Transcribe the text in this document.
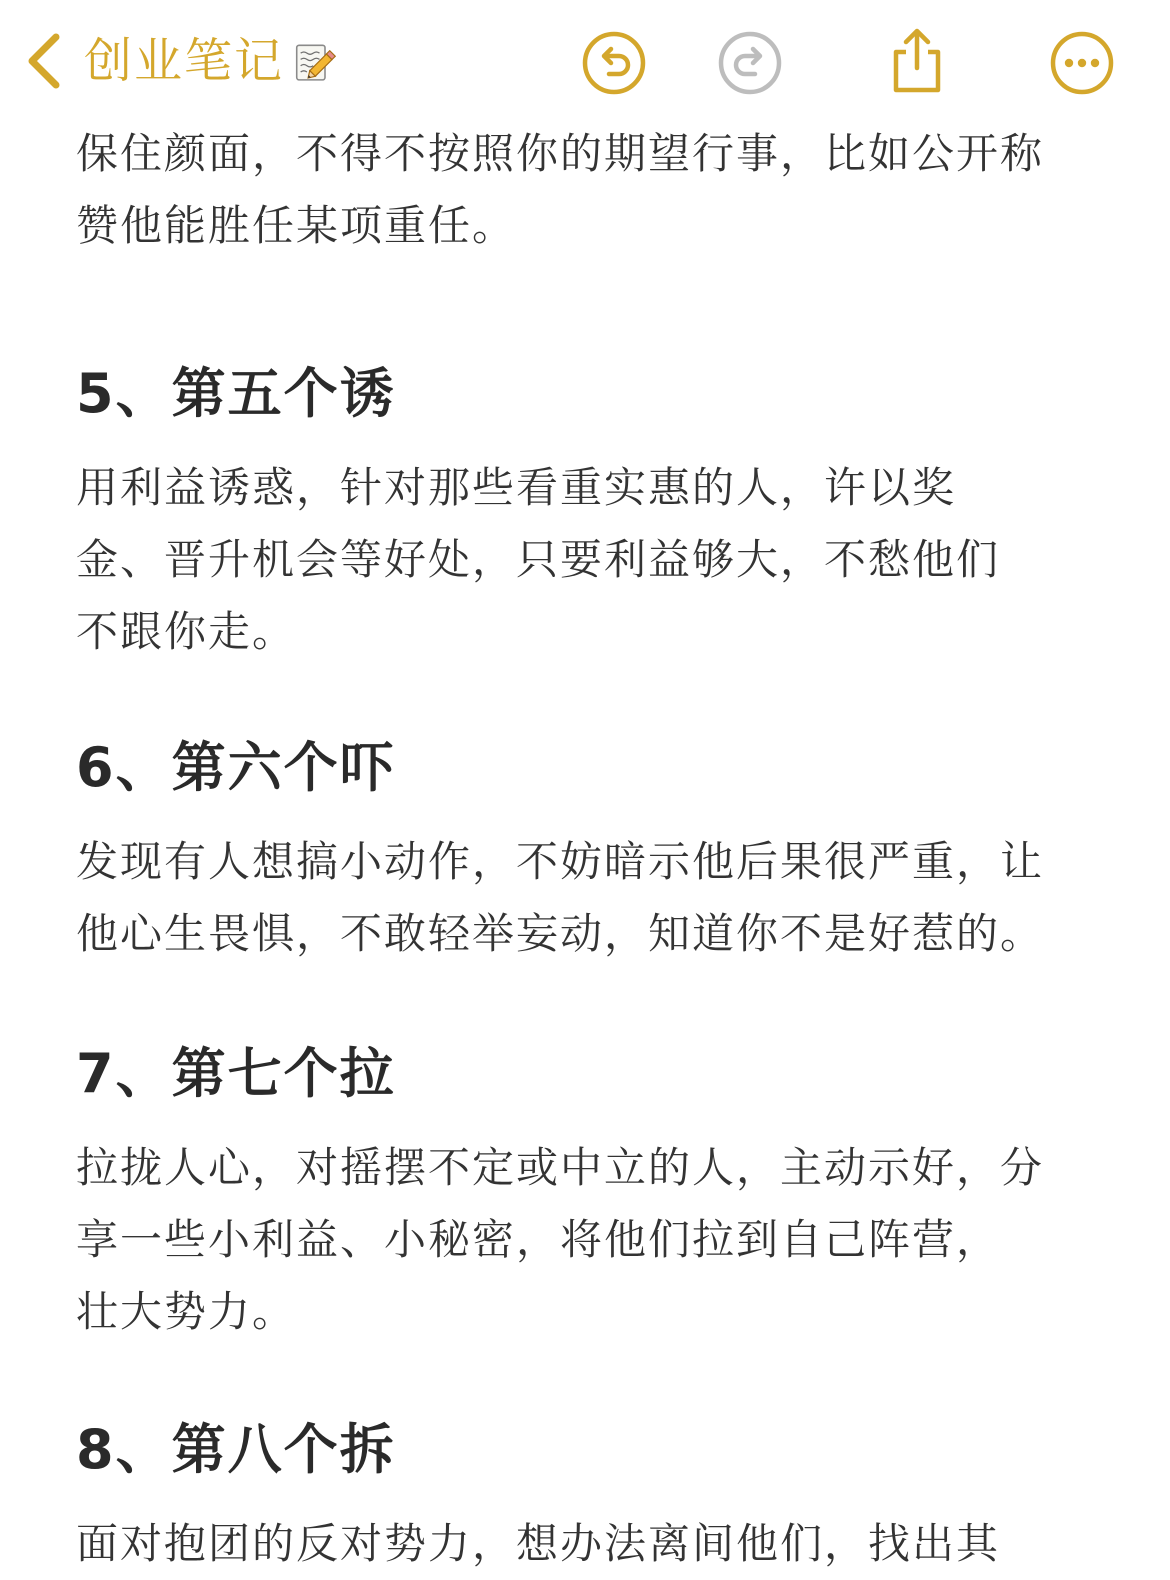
创业笔记

保住颜面，不得不按照你的期望行事，比如公开称
赞他能胜任某项重任。

5、第五个诱

用利益诱惑，针对那些看重实惠的人，许以奖
金、晋升机会等好处，只要利益够大，不愁他们
不跟你走。

6、第六个吓

发现有人想搞小动作，不妨暗示他后果很严重，让
他心生畏惧，不敢轻举妄动，知道你不是好惹的。

7、第七个拉

拉拢人心，对摇摆不定或中立的人，主动示好，分
享一些小利益、小秘密，将他们拉到自己阵营，
壮大势力。

8、第八个拆

面对抱团的反对势力，想办法离间他们，找出其
